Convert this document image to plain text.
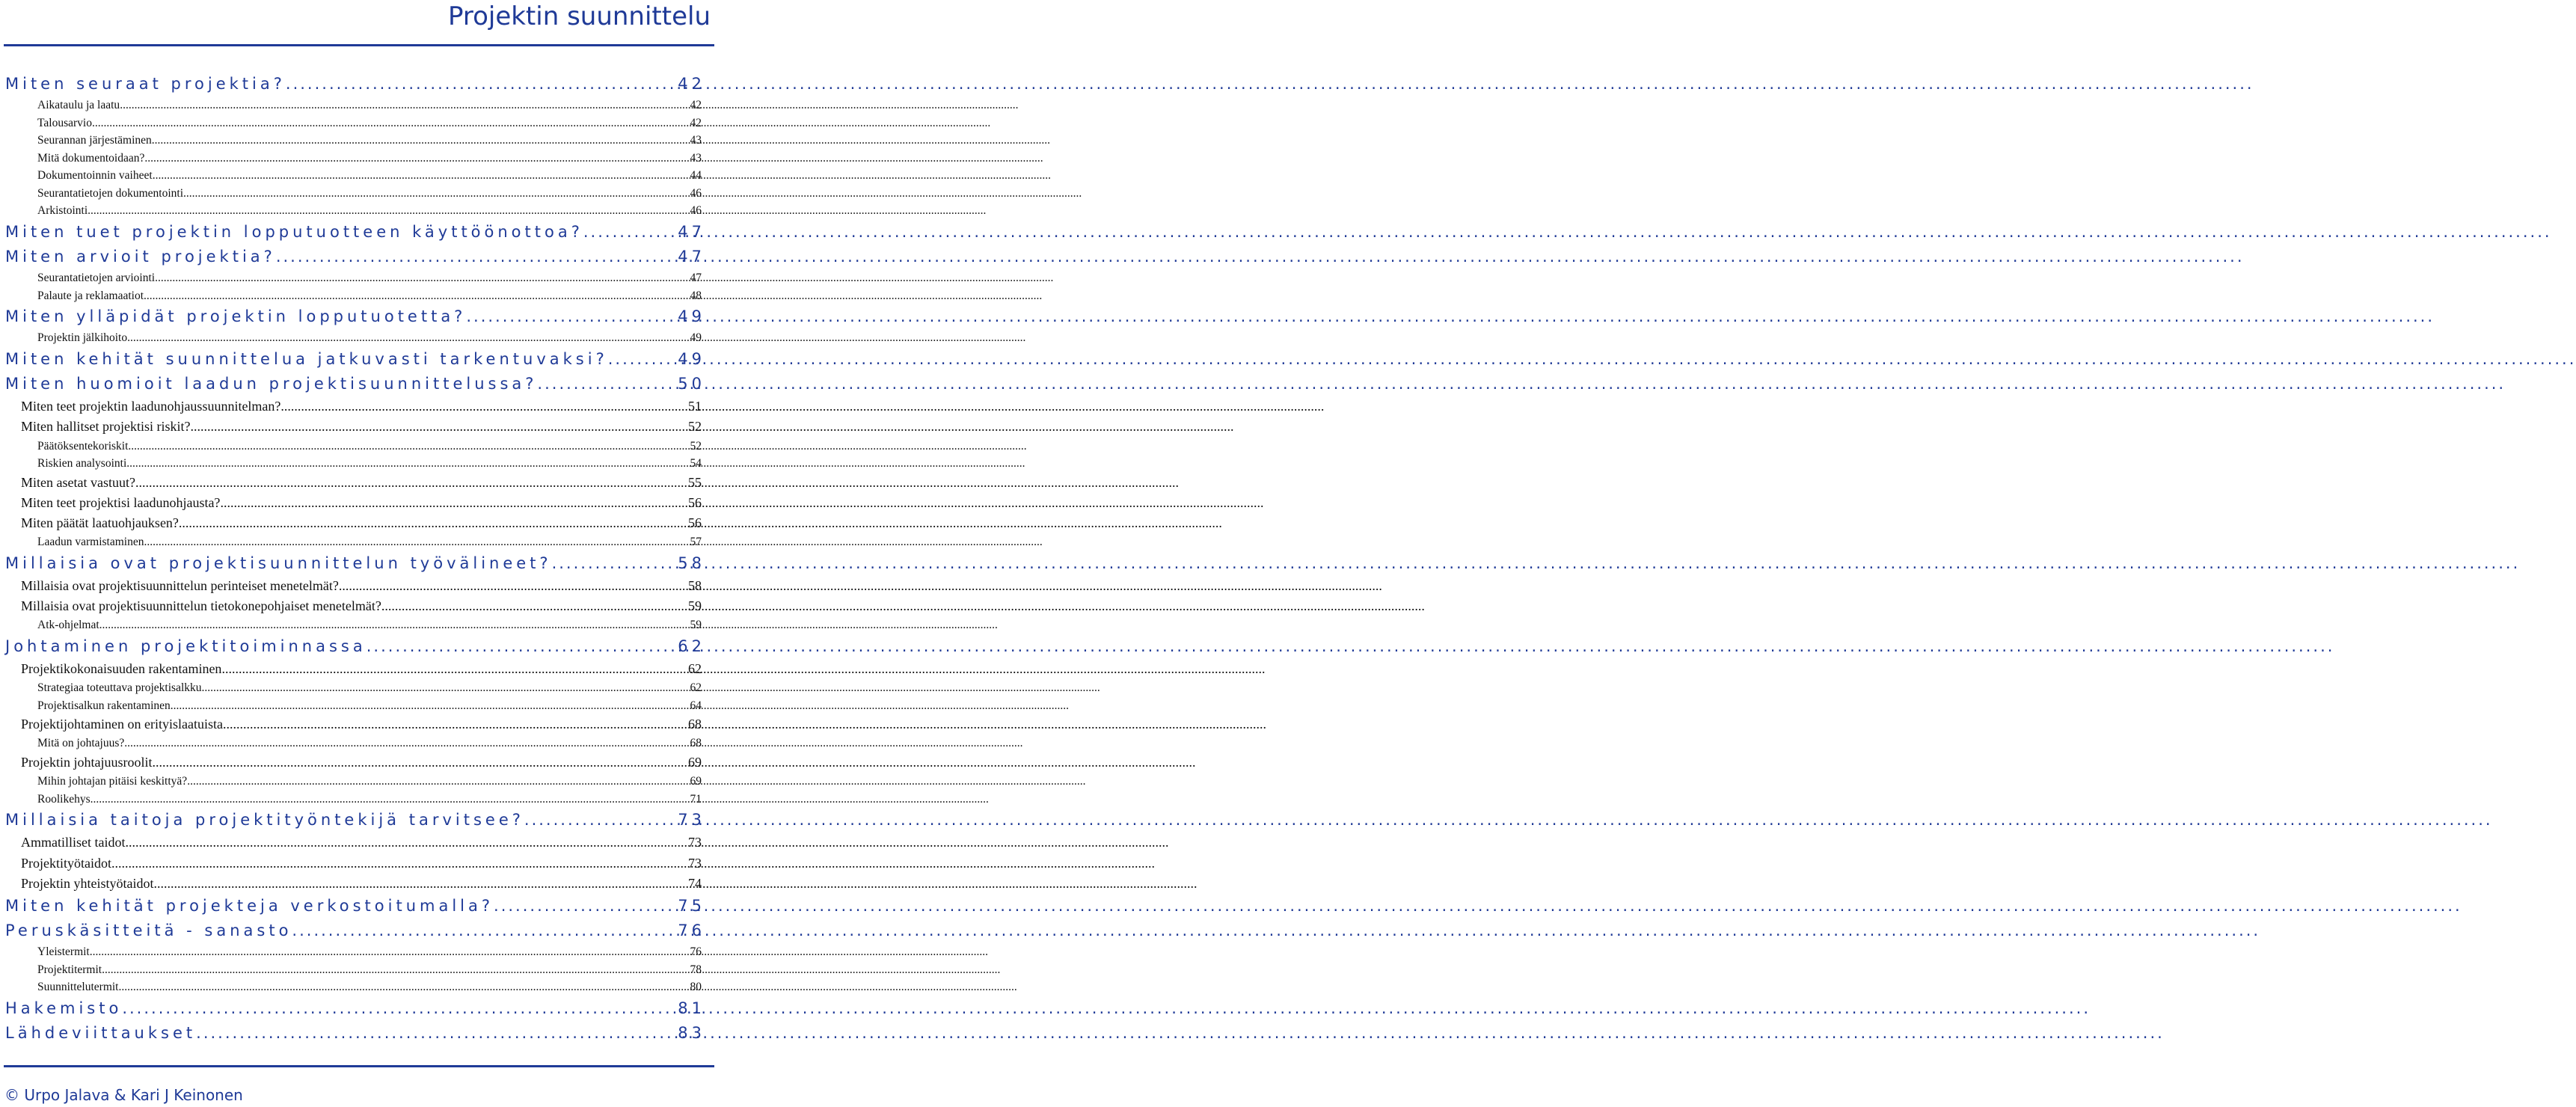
Projektin suunnittelu
Miten seuraat projektia? .....	42
Aikataulu ja laatu .....	42
Talousarvio .....	42
Seurannan järjestäminen .....	43
Mitä dokumentoidaan? .....	43
Dokumentoinnin vaiheet .....	44
Seurantatietojen dokumentointi .....	46
Arkistointi .....	46
Miten tuet projektin lopputuotteen käyttöönottoa? .....	47
Miten arvioit projektia? .....	47
Seurantatietojen arviointi .....	47
Palaute ja reklamaatiot .....	48
Miten ylläpidät projektin lopputuotetta? .....	49
Projektin jälkihoito .....	49
Miten kehität suunnittelua jatkuvasti tarkentuvaksi? .....	49
Miten huomioit laadun projektisuunnittelussa? .....	50
Miten teet projektin laadunohjaussuunnitelman? .....	51
Miten hallitset projektisi riskit? .....	52
Päätöksentekoriskit .....	52
Riskien analysointi .....	54
Miten asetat vastuut? .....	55
Miten teet projektisi laadunohjausta? .....	56
Miten päätät laatuohjauksen? .....	56
Laadun varmistaminen .....	57
Millaisia ovat projektisuunnittelun työvälineet? .....	58
Millaisia ovat projektisuunnittelun perinteiset menetelmät? .....	58
Millaisia ovat projektisuunnittelun tietokonepohjaiset menetelmät? .....	59
Atk-ohjelmat .....	59
Johtaminen projektitoiminnassa .....	62
Projektikokonaisuuden rakentaminen .....	62
Strategiaa toteuttava projektisalkku .....	62
Projektisalkun rakentaminen .....	64
Projektijohtaminen on erityislaatuista .....	68
Mitä on johtajuus? .....	68
Projektin johtajuusroolit .....	69
Mihin johtajan pitäisi keskittyä? .....	69
Roolikehys .....	71
Millaisia taitoja projektityöntekijä tarvitsee? .....	73
Ammatilliset taidot .....	73
Projektityötaidot .....	73
Projektin yhteistyötaidot .....	74
Miten kehität projekteja verkostoitumalla? .....	75
Peruskäsitteitä - sanasto .....	76
Yleistermit .....	76
Projektitermit .....	78
Suunnittelutermit .....	80
Hakemisto .....	81
Lähdeviittaukset .....	83
© Urpo Jalava & Kari J Keinonen
